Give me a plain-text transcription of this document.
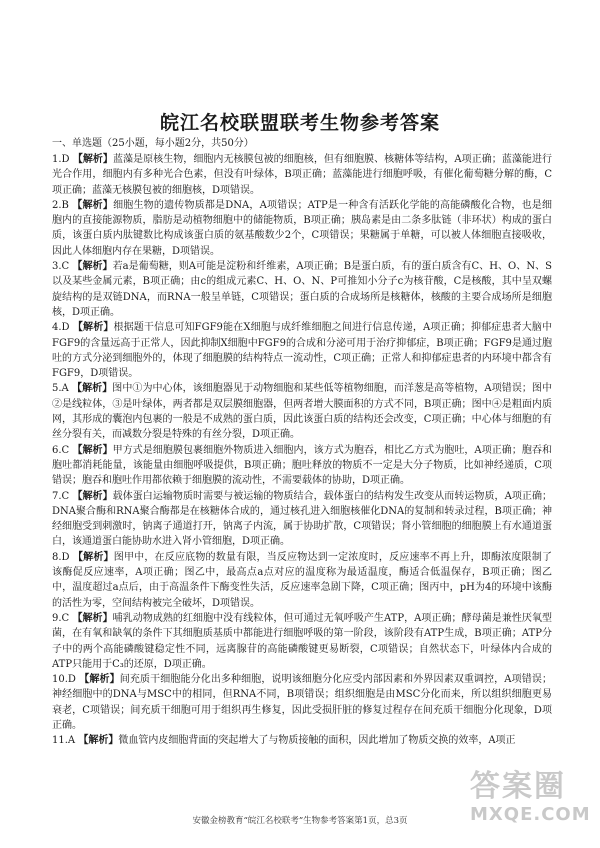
皖江名校联盟联考生物参考答案
一、单选题（25小题，每小题2分，共50分）

1.D 【解析】蓝藻是原核生物，细胞内无核膜包被的细胞核，但有细胞膜、核糖体等结构，A项正确；蓝藻能进行光合作用，细胞内有多种光合色素，但没有叶绿体，B项正确；蓝藻能进行细胞呼吸，有催化葡萄糖分解的酶，C项正确；蓝藻无核膜包被的细胞核，D项错误。

2.B 【解析】细胞生物的遗传物质都是DNA，A项错误；ATP是一种含有活跃化学能的高能磷酸化合物，也是细胞内的直接能源物质，脂肪是动植物细胞中的储能物质，B项正确；胰岛素是由二条多肽链（非环状）构成的蛋白质，该蛋白质内肽键数比构成该蛋白质的氨基酸数少2个，C项错误；果糖属于单糖，可以被人体细胞直接吸收，因此人体细胞内存在果糖，D项错误。

3.C 【解析】若a是葡萄糖，则A可能是淀粉和纤维素，A项正确；B是蛋白质，有的蛋白质含有C、H、O、N、S以及某些金属元素，B项正确；由c的组成元素C、H、O、N、P可推知小分子c为核苷酸，C是核酸，其中呈双螺旋结构的是双链DNA，而RNA一般呈单链，C项错误；蛋白质的合成场所是核糖体，核酸的主要合成场所是细胞核，D项正确。

4.D 【解析】根据题干信息可知FGF9能在X细胞与成纤维细胞之间进行信息传递，A项正确；抑郁症患者大脑中FGF9的含量远高于正常人，因此抑制X细胞中FGF9的合成和分泌可用于治疗抑郁症，B项正确；FGF9是通过胞吐的方式分泌到细胞外的，体现了细胞膜的结构特点一流动性，C项正确；正常人和抑郁症患者的内环境中都含有FGF9，D项错误。

5.A 【解析】图中①为中心体，该细胞器见于动物细胞和某些低等植物细胞，而洋葱是高等植物，A项错误；图中②是线粒体，③是叶绿体，两者都是双层膜细胞器，但两者增大膜面积的方式不同，B项正确；图中④是粗面内质网，其形成的囊泡内包裹的一般是不成熟的蛋白质，因此该蛋白质的结构还会改变，C项正确；中心体与细胞的有丝分裂有关，而减数分裂是特殊的有丝分裂，D项正确。

6.C 【解析】甲方式是细胞膜包裹细胞外物质进入细胞内，该方式为胞吞，相比乙方式为胞吐，A项正确；胞吞和胞吐都消耗能量，该能量由细胞呼吸提供，B项正确；胞吐释放的物质不一定是大分子物质，比如神经递质，C项错误；胞吞和胞吐作用都依赖于细胞膜的流动性，不需要载体的协助，D项正确。

7.C 【解析】载体蛋白运输物质时需要与被运输的物质结合，载体蛋白的结构发生改变从而转运物质，A项正确；DNA聚合酶和RNA聚合酶都是在核糖体合成的，通过核孔进入细胞核催化DNA的复制和转录过程，B项正确；神经细胞受到刺激时，钠离子通道打开，钠离子内流，属于协助扩散，C项错误；肾小管细胞的细胞膜上有水通道蛋白，该通道蛋白能协助水进入肾小管细胞，D项正确。

8.D 【解析】图甲中，在反应底物的数量有限，当反应物达到一定浓度时，反应速率不再上升，即酶浓度限制了该酶促反应速率，A项正确；图乙中，最高点a点对应的温度称为最适温度，酶适合低温保存，B项正确；图乙中，温度超过a点后，由于高温条件下酶变性失活，反应速率急剧下降，C项正确；图丙中，pH为4的环境中该酶的活性为零，空间结构被完全破坏，D项错误。

9.C 【解析】哺乳动物成熟的红细胞中没有线粒体，但可通过无氧呼吸产生ATP，A项正确；酵母菌是兼性厌氧型菌，在有氧和缺氧的条件下其细胞质基质中都能进行细胞呼吸的第一阶段，该阶段有ATP生成，B项正确；ATP分子中的两个高能磷酸键稳定性不同，远离腺苷的高能磷酸键更易断裂，C项错误；自然状态下，叶绿体内合成的ATP只能用于C₃的还原，D项正确。

10.D 【解析】间充质干细胞能分化出多种细胞，说明该细胞分化应受内部因素和外界因素双重调控，A项错误；神经细胞中的DNA与MSC中的相同，但RNA不同，B项错误；组织细胞是由MSC分化而来，所以组织细胞更易衰老，C项错误；间充质干细胞可用于组织再生修复，因此受损肝脏的修复过程存在间充质干细胞分化现象，D项正确。

11.A 【解析】微血管内皮细胞背面的突起增大了与物质接触的面积，因此增加了物质交换的效率，A项正

答案圈
MXQE.COM
安徽金榜教育“皖江名校联考”生物参考答案第1页，总3页
